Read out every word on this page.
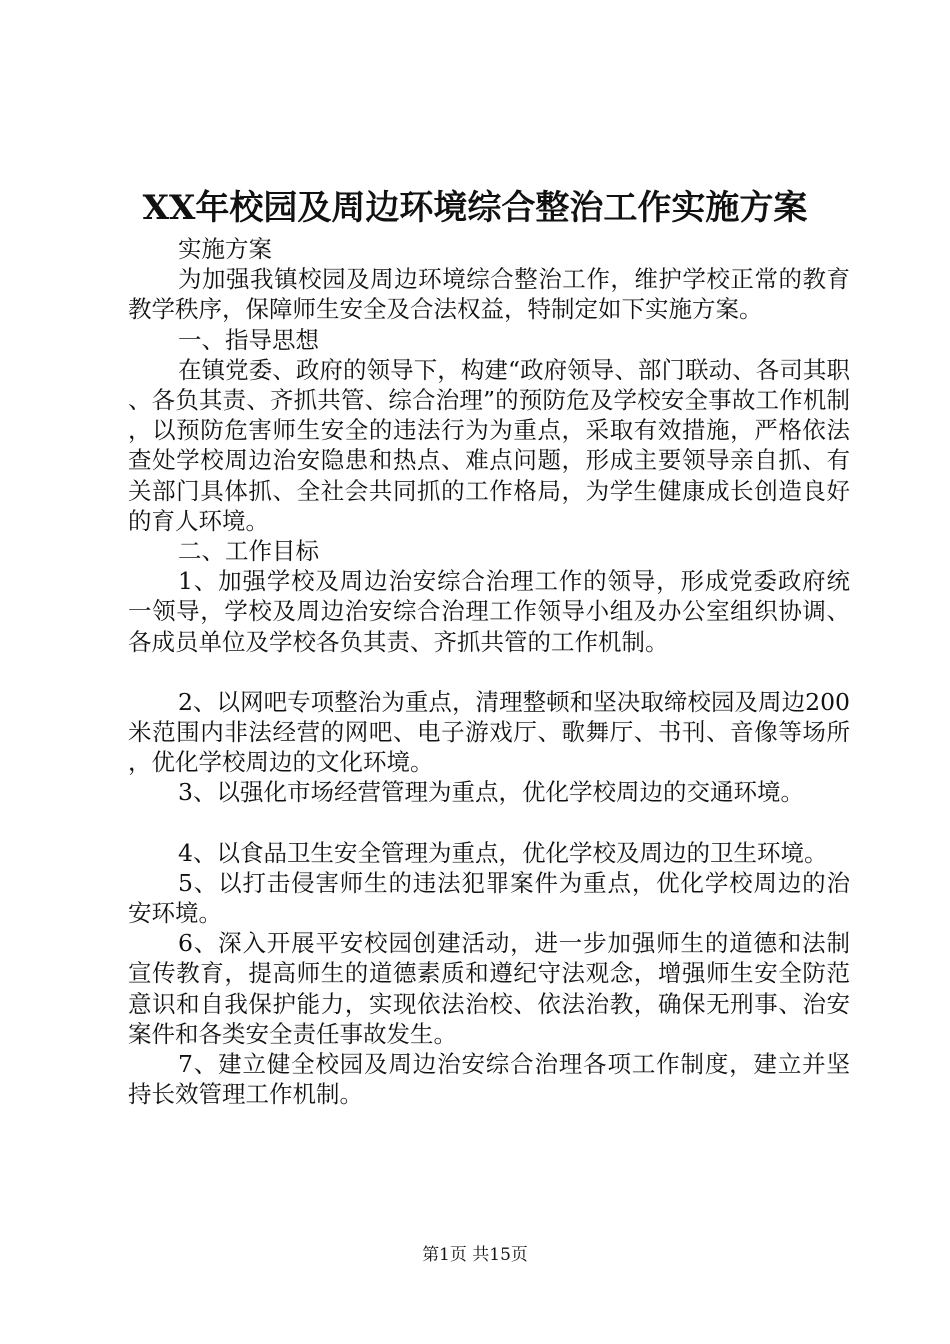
XX年校园及周边环境综合整治工作实施方案

实施方案

为加强我镇校园及周边环境综合整治工作，维护学校正常的教育教学秩序，保障师生安全及合法权益，特制定如下实施方案。

一、指导思想

在镇党委、政府的领导下，构建“政府领导、部门联动、各司其职、各负其责、齐抓共管、综合治理”的预防危及学校安全事故工作机制，以预防危害师生安全的违法行为为重点，采取有效措施，严格依法查处学校周边治安隐患和热点、难点问题，形成主要领导亲自抓、有关部门具体抓、全社会共同抓的工作格局，为学生健康成长创造良好的育人环境。

二、工作目标

1、加强学校及周边治安综合治理工作的领导，形成党委政府统一领导，学校及周边治安综合治理工作领导小组及办公室组织协调、各成员单位及学校各负其责、齐抓共管的工作机制。

2、以网吧专项整治为重点，清理整顿和坚决取缔校园及周边200米范围内非法经营的网吧、电子游戏厅、歌舞厅、书刊、音像等场所，优化学校周边的文化环境。

3、以强化市场经营管理为重点，优化学校周边的交通环境。

4、以食品卫生安全管理为重点，优化学校及周边的卫生环境。

5、以打击侵害师生的违法犯罪案件为重点，优化学校周边的治安环境。

6、深入开展平安校园创建活动，进一步加强师生的道德和法制宣传教育，提高师生的道德素质和遵纪守法观念，增强师生安全防范意识和自我保护能力，实现依法治校、依法治教，确保无刑事、治安案件和各类安全责任事故发生。

7、建立健全校园及周边治安综合治理各项工作制度，建立并坚持长效管理工作机制。

第1页 共15页
